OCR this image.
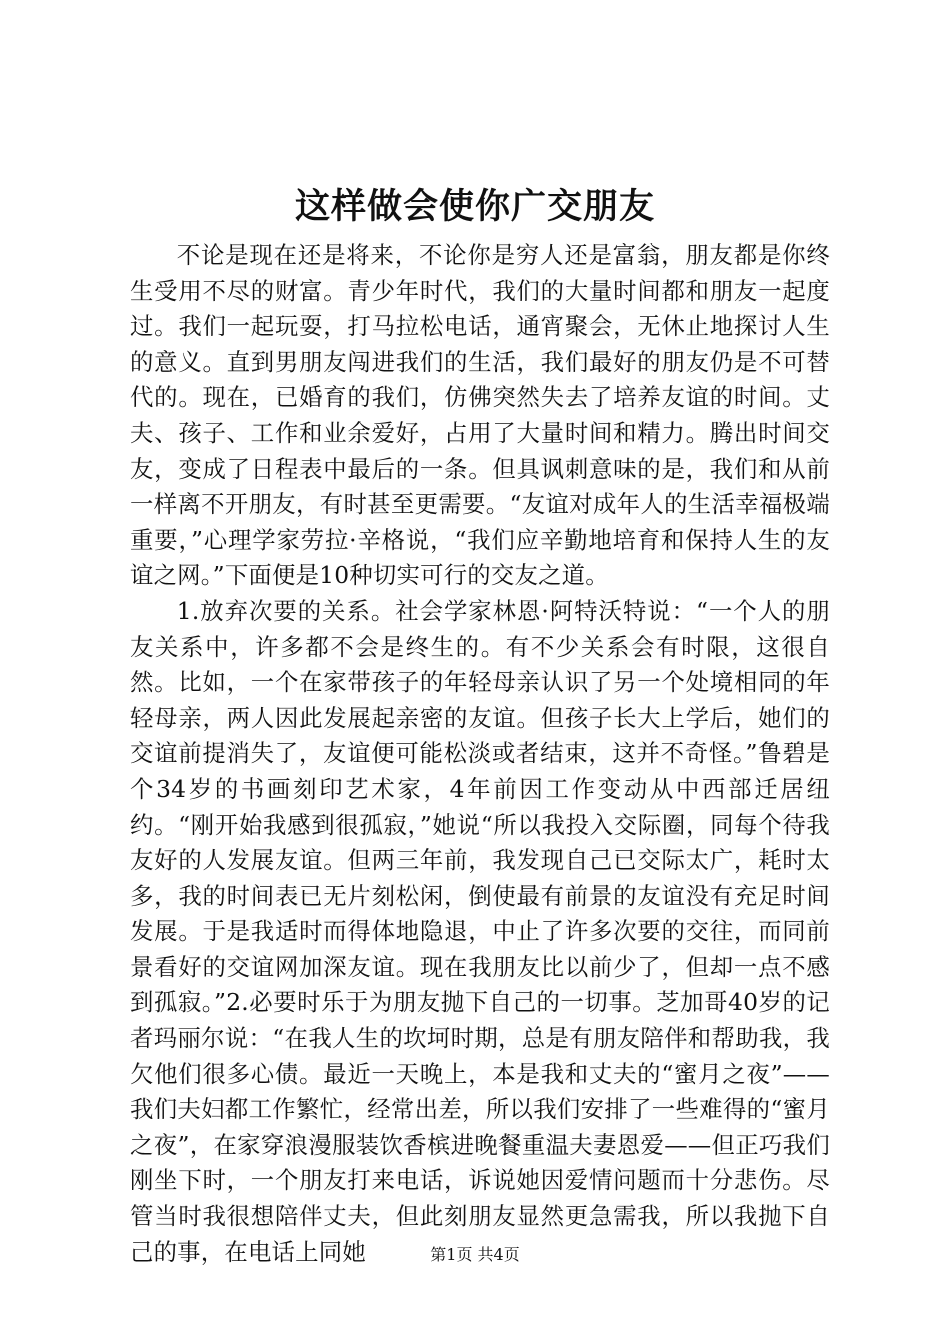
这样做会使你广交朋友

不论是现在还是将来，不论你是穷人还是富翁，朋友都是你终生受用不尽的财富。青少年时代，我们的大量时间都和朋友一起度过。我们一起玩耍，打马拉松电话，通宵聚会，无休止地探讨人生的意义。直到男朋友闯进我们的生活，我们最好的朋友仍是不可替代的。现在，已婚育的我们，仿佛突然失去了培养友谊的时间。丈夫、孩子、工作和业余爱好，占用了大量时间和精力。腾出时间交友，变成了日程表中最后的一条。但具讽刺意味的是，我们和从前一样离不开朋友，有时甚至更需要。“友谊对成年人的生活幸福极端重要，”心理学家劳拉·辛格说，“我们应辛勤地培育和保持人生的友谊之网。”下面便是10种切实可行的交友之道。

1.放弃次要的关系。社会学家林恩·阿特沃特说：“一个人的朋友关系中，许多都不会是终生的。有不少关系会有时限，这很自然。比如，一个在家带孩子的年轻母亲认识了另一个处境相同的年轻母亲，两人因此发展起亲密的友谊。但孩子长大上学后，她们的交谊前提消失了，友谊便可能松淡或者结束，这并不奇怪。”鲁碧是个34岁的书画刻印艺术家，4年前因工作变动从中西部迁居纽约。“刚开始我感到很孤寂，”她说“所以我投入交际圈，同每个待我友好的人发展友谊。但两三年前，我发现自己已交际太广，耗时太多，我的时间表已无片刻松闲，倒使最有前景的友谊没有充足时间发展。于是我适时而得体地隐退，中止了许多次要的交往，而同前景看好的交谊网加深友谊。现在我朋友比以前少了，但却一点不感到孤寂。”2.必要时乐于为朋友抛下自己的一切事。芝加哥40岁的记者玛丽尔说：“在我人生的坎坷时期，总是有朋友陪伴和帮助我，我欠他们很多心债。最近一天晚上，本是我和丈夫的“蜜月之夜”——我们夫妇都工作繁忙，经常出差，所以我们安排了一些难得的“蜜月之夜”，在家穿浪漫服装饮香槟进晚餐重温夫妻恩爱——但正巧我们刚坐下时，一个朋友打来电话，诉说她因爱情问题而十分悲伤。尽管当时我很想陪伴丈夫，但此刻朋友显然更急需我，所以我抛下自己的事，在电话上同她	第1页 共4页
